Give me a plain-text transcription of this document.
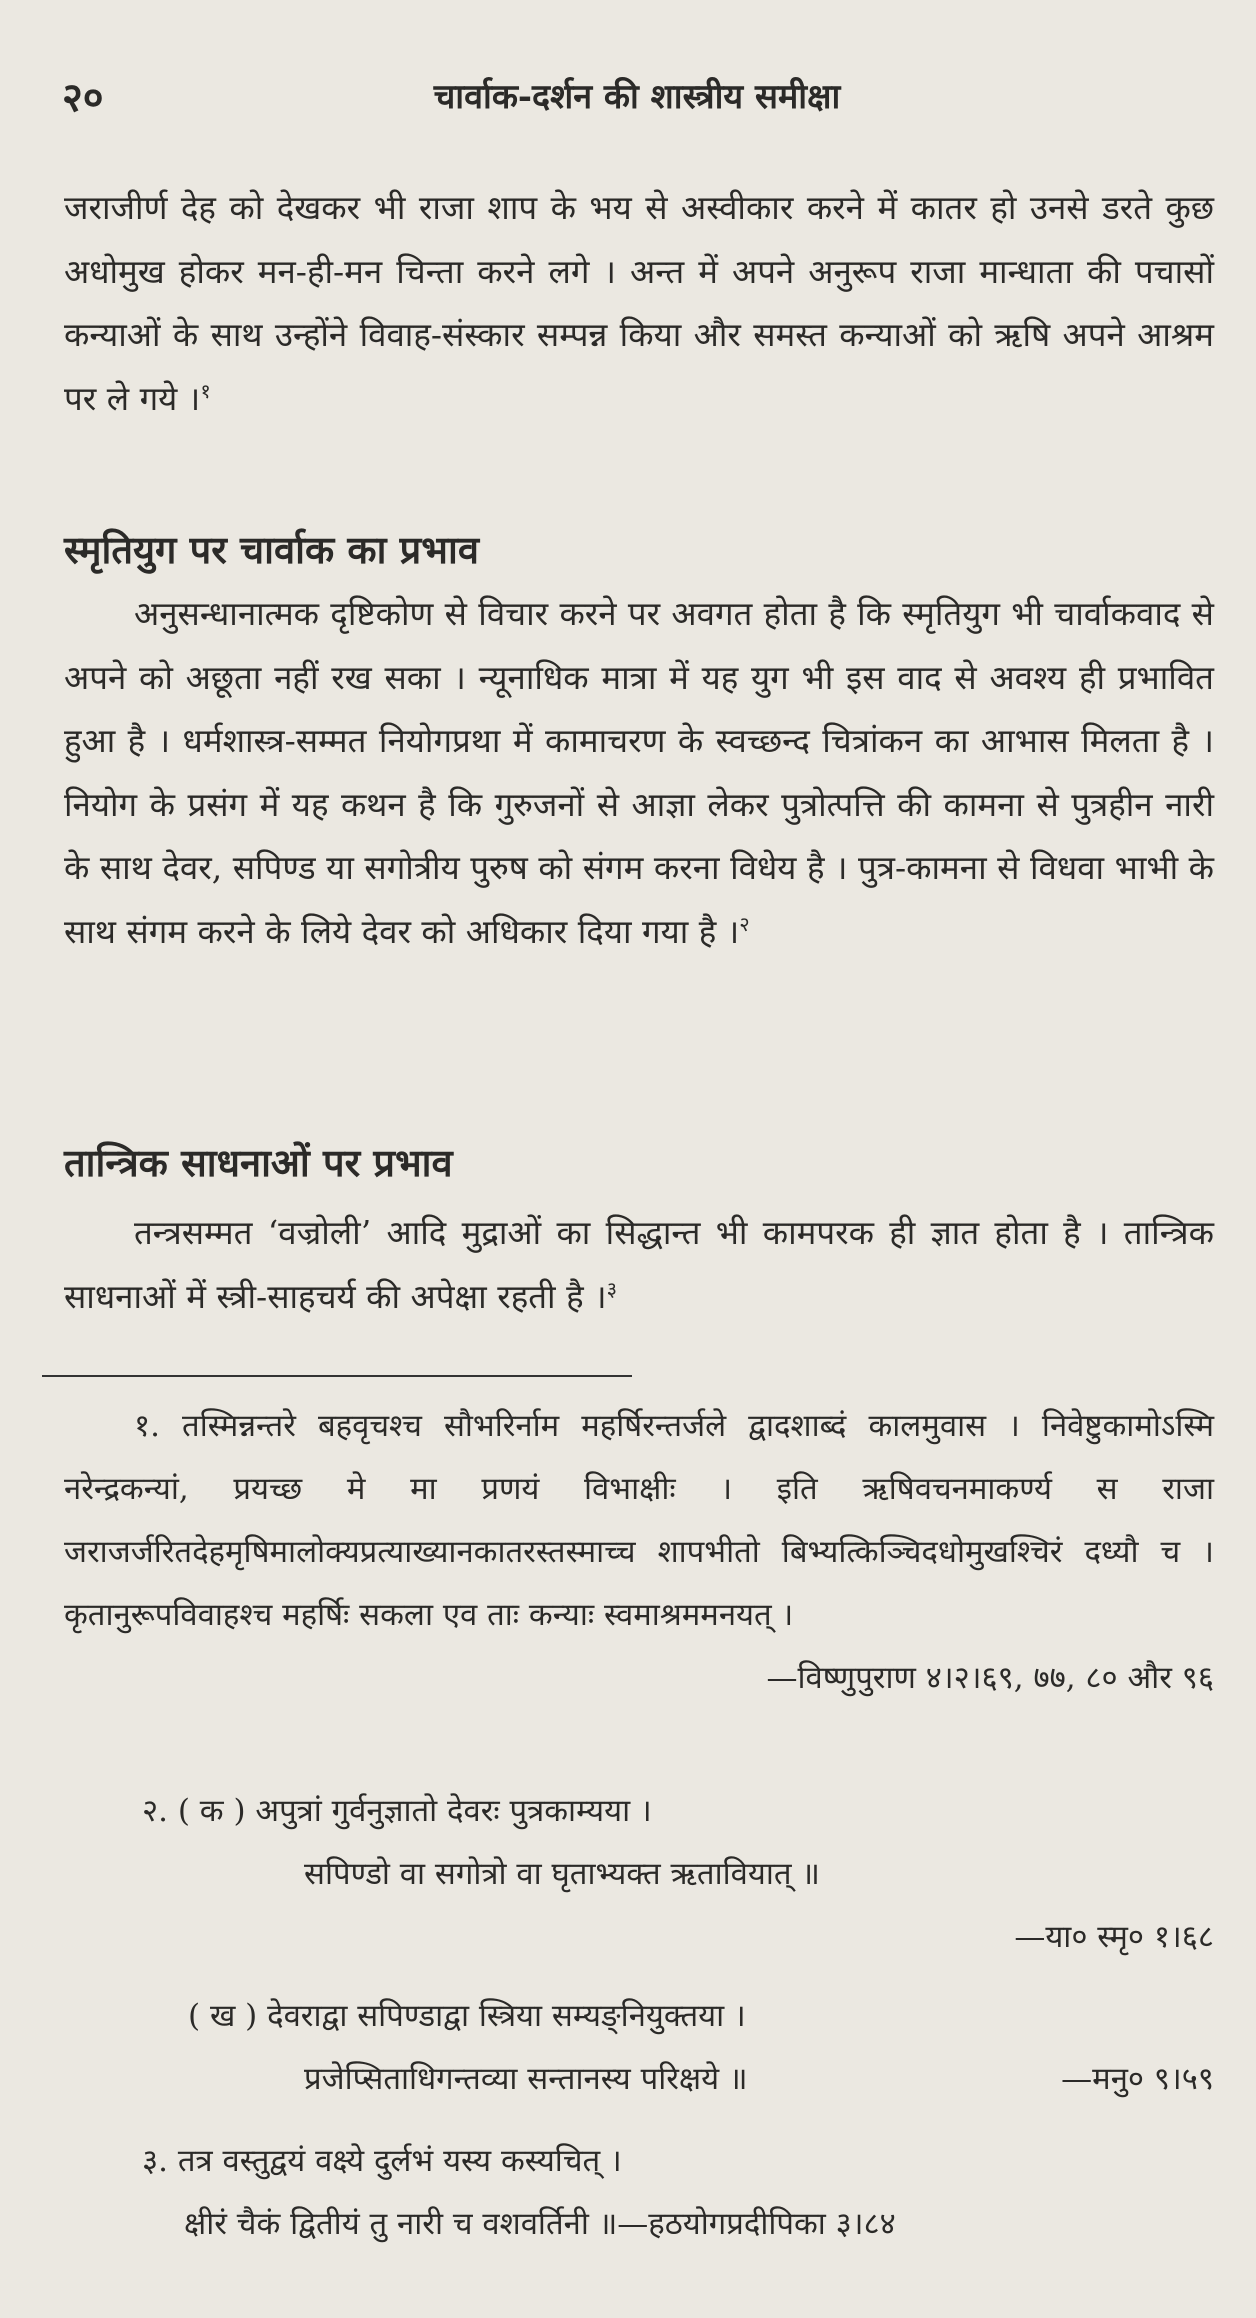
२०	चार्वाक-दर्शन की शास्त्रीय समीक्षा

जराजीर्ण देह को देखकर भी राजा शाप के भय से अस्वीकार करने में कातर हो उनसे डरते कुछ अधोमुख होकर मन-ही-मन चिन्ता करने लगे । अन्त में अपने अनुरूप राजा मान्धाता की पचासों कन्याओं के साथ उन्होंने विवाह-संस्कार सम्पन्न किया और समस्त कन्याओं को ऋषि अपने आश्रम पर ले गये ।$^१$

स्मृतियुग पर चार्वाक का प्रभाव

अनुसन्धानात्मक दृष्टिकोण से विचार करने पर अवगत होता है कि स्मृतियुग भी चार्वाकवाद से अपने को अछूता नहीं रख सका । न्यूनाधिक मात्रा में यह युग भी इस वाद से अवश्य ही प्रभावित हुआ है । धर्मशास्त्र-सम्मत नियोगप्रथा में कामाचरण के स्वच्छन्द चित्रांकन का आभास मिलता है । नियोग के प्रसंग में यह कथन है कि गुरुजनों से आज्ञा लेकर पुत्रोत्पत्ति की कामना से पुत्रहीन नारी के साथ देवर, सपिण्ड या सगोत्रीय पुरुष को संगम करना विधेय है । पुत्र-कामना से विधवा भाभी के साथ संगम करने के लिये देवर को अधिकार दिया गया है ।$^२$

तान्त्रिक साधनाओं पर प्रभाव

तन्त्रसम्मत ‘वज्रोली’ आदि मुद्राओं का सिद्धान्त भी कामपरक ही ज्ञात होता है । तान्त्रिक साधनाओं में स्त्री-साहचर्य की अपेक्षा रहती है ।$^३$

१. तस्मिन्नन्तरे बहवृचश्च सौभरिर्नाम महर्षिरन्तर्जले द्वादशाब्दं कालमुवास । निवेष्टुकामोऽस्मि नरेन्द्रकन्यां, प्रयच्छ मे मा प्रणयं विभाक्षीः । इति ऋषिवचनमाकर्ण्य स राजा जराजर्जरितदेहमृषिमालोक्यप्रत्याख्यानकातरस्तस्माच्च शापभीतो बिभ्यत्किञ्चिदधोमुखश्चिरं दध्यौ च । कृतानुरूपविवाहश्च महर्षिः सकला एव ताः कन्याः स्वमाश्रममनयत् ।

—विष्णुपुराण ४।२।६९, ७७, ८० और ९६

२. ( क ) अपुत्रां गुर्वनुज्ञातो देवरः पुत्रकाम्यया ।

सपिण्डो वा सगोत्रो वा घृताभ्यक्त ऋतावियात् ॥

—या० स्मृ० १।६८

( ख ) देवराद्वा सपिण्डाद्वा स्त्रिया सम्यङ्नियुक्तया ।

प्रजेप्सिताधिगन्तव्या सन्तानस्य परिक्षये ॥	—मनु० ९।५९

३. तत्र वस्तुद्वयं वक्ष्ये दुर्लभं यस्य कस्यचित् ।

क्षीरं चैकं द्वितीयं तु नारी च वशवर्तिनी ॥—हठयोगप्रदीपिका ३।८४
